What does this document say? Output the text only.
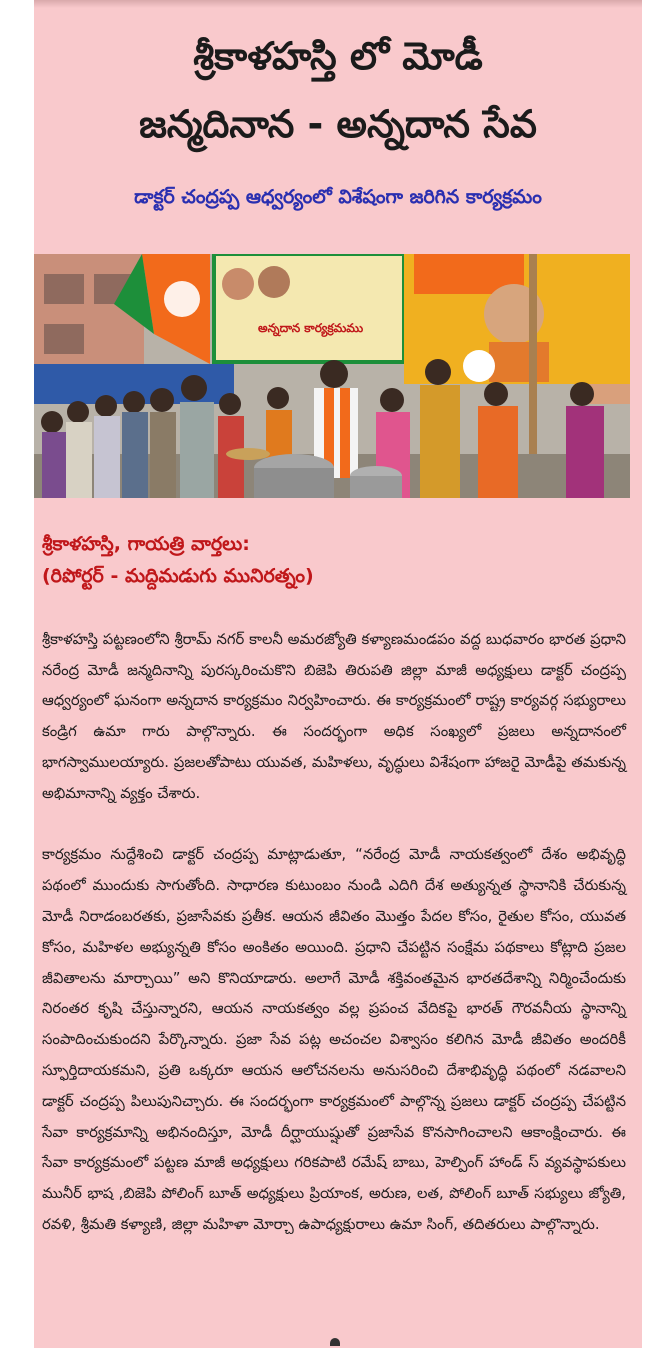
శ్రీకాళహస్తి లో మోడీ
జన్మదినాన - అన్నదాన సేవ
డాక్టర్ చంద్రప్ప ఆధ్వర్యంలో విశేషంగా జరిగిన కార్యక్రమం
అన్నదాన కార్యక్రమము
శ్రీకాళహస్తి, గాయత్రి వార్తలు:
(రిపోర్టర్ - మద్దిమడుగు మునిరత్నం)

శ్రీకాళహస్తి పట్టణంలోని శ్రీరామ్ నగర్ కాలనీ అమరజ్యోతి కళ్యాణమండపం వద్ద బుధవారం భారత ప్రధాని నరేంద్ర మోడీ జన్మదినాన్ని పురస్కరించుకొని బిజెపి తిరుపతి జిల్లా మాజీ అధ్యక్షులు డాక్టర్ చంద్రప్ప ఆధ్వర్యంలో ఘనంగా అన్నదాన కార్యక్రమం నిర్వహించారు. ఈ కార్యక్రమంలో రాష్ట్ర కార్యవర్గ సభ్యురాలు కండ్రిగ ఉమా గారు పాల్గొన్నారు. ఈ సందర్భంగా అధిక సంఖ్యలో ప్రజలు అన్నదానంలో భాగస్వాములయ్యారు. ప్రజలతోపాటు యువత, మహిళలు, వృద్ధులు విశేషంగా హాజరై మోడీపై తమకున్న అభిమానాన్ని వ్యక్తం చేశారు.

కార్యక్రమం నుద్దేశించి డాక్టర్ చంద్రప్ప మాట్లాడుతూ, “నరేంద్ర మోడీ నాయకత్వంలో దేశం అభివృద్ధి పథంలో ముందుకు సాగుతోంది. సాధారణ కుటుంబం నుండి ఎదిగి దేశ అత్యున్నత స్థానానికి చేరుకున్న మోడీ నిరాడంబరతకు, ప్రజాసేవకు ప్రతీక. ఆయన జీవితం మొత్తం పేదల కోసం, రైతుల కోసం, యువత కోసం, మహిళల అభ్యున్నతి కోసం అంకితం అయింది. ప్రధాని చేపట్టిన సంక్షేమ పథకాలు కోట్లాది ప్రజల జీవితాలను మార్చాయి” అని కొనియాడారు. అలాగే మోడీ శక్తివంతమైన భారతదేశాన్ని నిర్మించేందుకు నిరంతర కృషి చేస్తున్నారని, ఆయన నాయకత్వం వల్ల ప్రపంచ వేదికపై భారత్ గౌరవనీయ స్థానాన్ని సంపాదించుకుందని పేర్కొన్నారు. ప్రజా సేవ పట్ల అచంచల విశ్వాసం కలిగిన మోడీ జీవితం అందరికీ స్ఫూర్తిదాయకమని, ప్రతి ఒక్కరూ ఆయన ఆలోచనలను అనుసరించి దేశాభివృద్ధి పథంలో నడవాలని డాక్టర్ చంద్రప్ప పిలుపునిచ్చారు. ఈ సందర్భంగా కార్యక్రమంలో పాల్గొన్న ప్రజలు డాక్టర్ చంద్రప్ప చేపట్టిన సేవా కార్యక్రమాన్ని అభినందిస్తూ, మోడీ దీర్ఘాయుష్షుతో ప్రజాసేవ కొనసాగించాలని ఆకాంక్షించారు. ఈ సేవా కార్యక్రమంలో పట్టణ మాజీ అధ్యక్షులు గరికపాటి రమేష్ బాబు, హెల్పింగ్ హాండ్ స్ వ్యవస్థాపకులు మునీర్ భాష ,బిజెపి పోలింగ్ బూత్ అధ్యక్షులు ప్రియాంక, అరుణ, లత, పోలింగ్ బూత్ సభ్యులు జ్యోతి, రవళి, శ్రీమతి కళ్యాణి, జిల్లా మహిళా మోర్చా ఉపాధ్యక్షురాలు ఉమా సింగ్, తదితరులు పాల్గొన్నారు.
